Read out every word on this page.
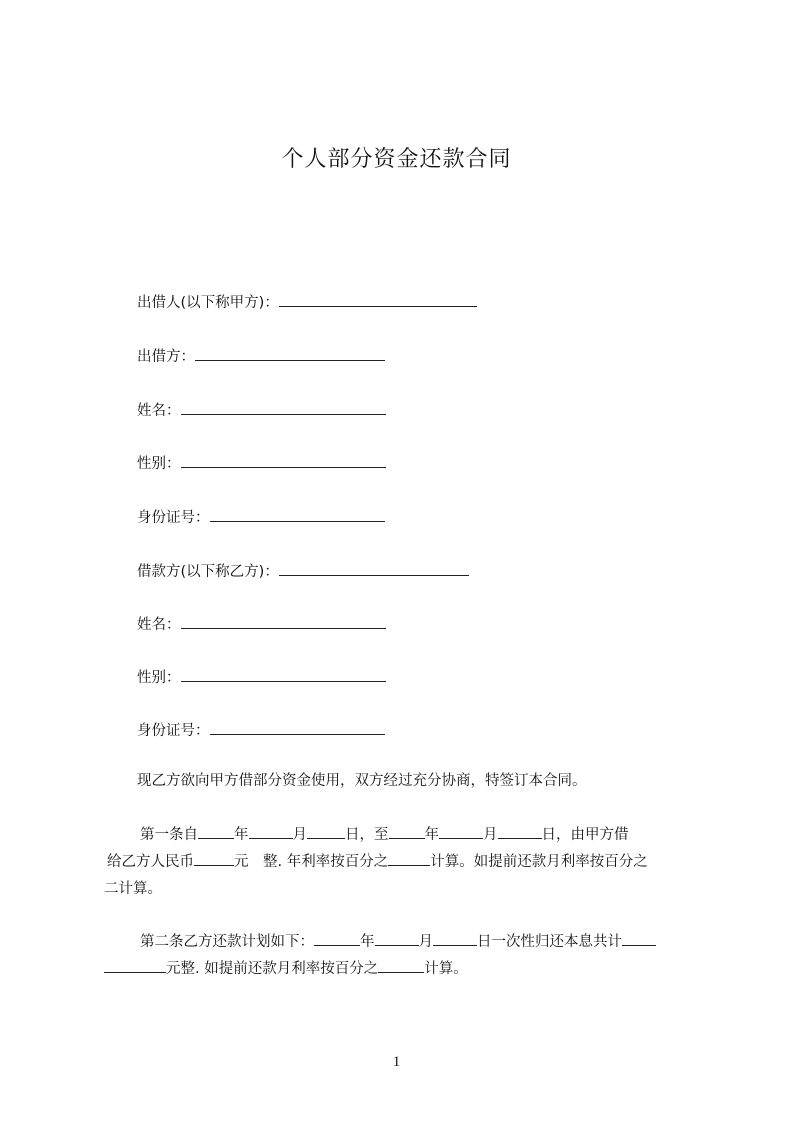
个人部分资金还款合同
出借人(以下称甲方)：
出借方：
姓名：
性别：
身份证号：
借款方(以下称乙方)：
姓名：
性别：
身份证号：
现乙方欲向甲方借部分资金使用，双方经过充分协商，特签订本合同。
第一条自 年	月	日，至 年	月	日，由甲方借
给乙方人民币	元　整. 年利率按百分之	计算。如提前还款月利率按百分之
二计算。
第二条乙方还款计划如下：	年	月	日一次性归还本息共计
元整. 如提前还款月利率按百分之	计算。
1
